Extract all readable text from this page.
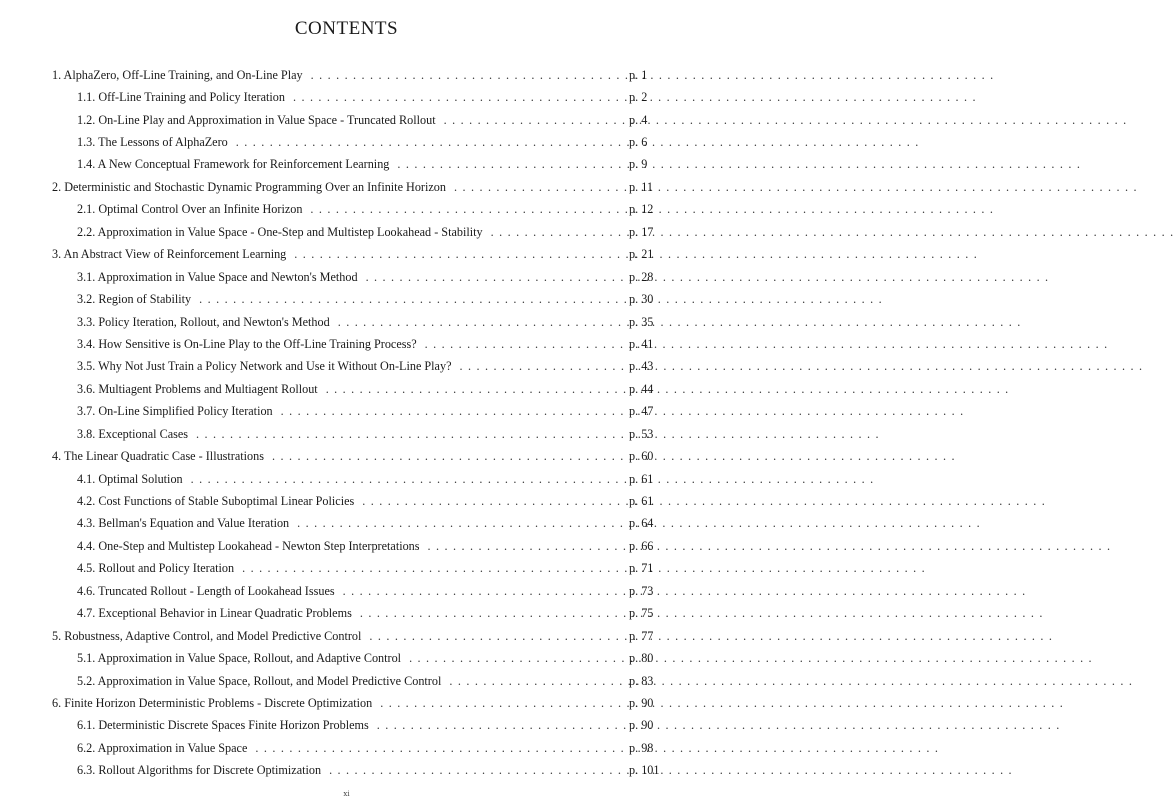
CONTENTS
1. AlphaZero, Off-Line Training, and On-Line Play . . .	p. 1
1.1. Off-Line Training and Policy Iteration . . .	p. 2
1.2. On-Line Play and Approximation in Value Space - Truncated Rollout . . .	p. 4
1.3. The Lessons of AlphaZero . . .	p. 6
1.4. A New Conceptual Framework for Reinforcement Learning . . .	p. 9
2. Deterministic and Stochastic Dynamic Programming Over an Infinite Horizon . . .	p. 11
2.1. Optimal Control Over an Infinite Horizon . . .	p. 12
2.2. Approximation in Value Space - One-Step and Multistep Lookahead - Stability . . .	p. 17
3. An Abstract View of Reinforcement Learning . . .	p. 21
3.1. Approximation in Value Space and Newton's Method . . .	p. 28
3.2. Region of Stability . . .	p. 30
3.3. Policy Iteration, Rollout, and Newton's Method . . .	p. 35
3.4. How Sensitive is On-Line Play to the Off-Line Training Process? . . .	p. 41
3.5. Why Not Just Train a Policy Network and Use it Without On-Line Play? . . .	p. 43
3.6. Multiagent Problems and Multiagent Rollout . . .	p. 44
3.7. On-Line Simplified Policy Iteration . . .	p. 47
3.8. Exceptional Cases . . .	p. 53
4. The Linear Quadratic Case - Illustrations . . .	p. 60
4.1. Optimal Solution . . .	p. 61
4.2. Cost Functions of Stable Suboptimal Linear Policies . . .	p. 61
4.3. Bellman's Equation and Value Iteration . . .	p. 64
4.4. One-Step and Multistep Lookahead - Newton Step Interpretations . . .	p. 66
4.5. Rollout and Policy Iteration . . .	p. 71
4.6. Truncated Rollout - Length of Lookahead Issues . . .	p. 73
4.7. Exceptional Behavior in Linear Quadratic Problems . . .	p. 75
5. Robustness, Adaptive Control, and Model Predictive Control . . .	p. 77
5.1. Approximation in Value Space, Rollout, and Adaptive Control . . .	p. 80
5.2. Approximation in Value Space, Rollout, and Model Predictive Control . . .	p. 83
6. Finite Horizon Deterministic Problems - Discrete Optimization . . .	p. 90
6.1. Deterministic Discrete Spaces Finite Horizon Problems . . .	p. 90
6.2. Approximation in Value Space . . .	p. 98
6.3. Rollout Algorithms for Discrete Optimization . . .	p. 101
xi
